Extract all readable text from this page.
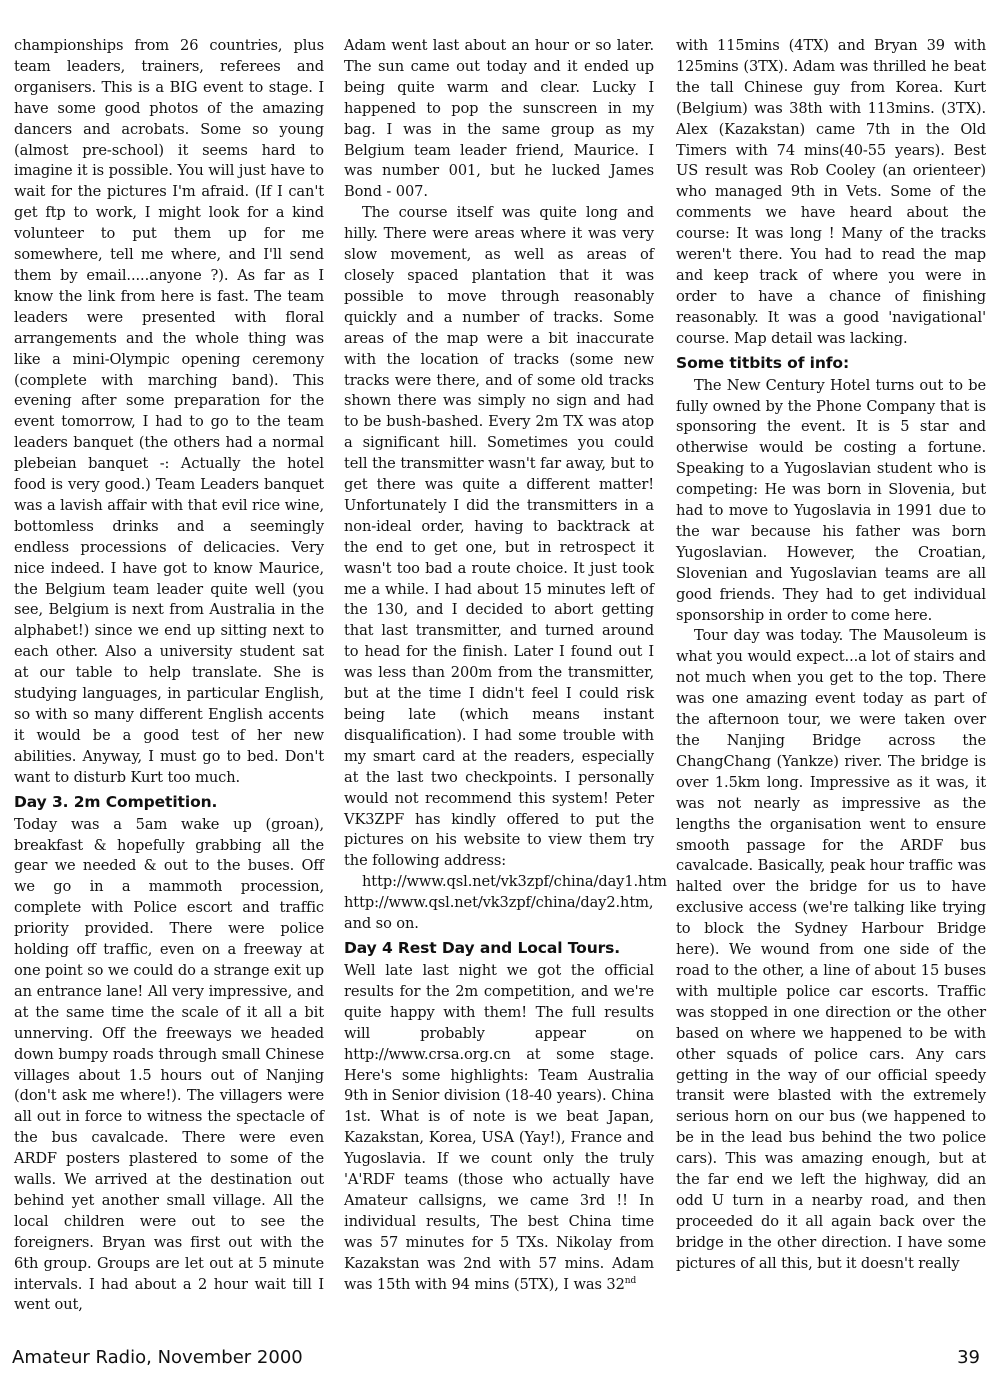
championships from 26 countries, plus team leaders, trainers, referees and organisers. This is a BIG event to stage. I have some good photos of the amazing dancers and acrobats. Some so young (almost pre-school) it seems hard to imagine it is possible. You will just have to wait for the pictures I'm afraid. (If I can't get ftp to work, I might look for a kind volunteer to put them up for me somewhere, tell me where, and I'll send them by email.....anyone ?). As far as I know the link from here is fast. The team leaders were presented with floral arrangements and the whole thing was like a mini-Olympic opening ceremony (complete with marching band). This evening after some preparation for the event tomorrow, I had to go to the team leaders banquet (the others had a normal plebeian banquet -: Actually the hotel food is very good.) Team Leaders banquet was a lavish affair with that evil rice wine, bottomless drinks and a seemingly endless processions of delicacies. Very nice indeed. I have got to know Maurice, the Belgium team leader quite well (you see, Belgium is next from Australia in the alphabet!) since we end up sitting next to each other. Also a university student sat at our table to help translate. She is studying languages, in particular English, so with so many different English accents it would be a good test of her new abilities. Anyway, I must go to bed. Don't want to disturb Kurt too much.

Day 3. 2m Competition.

Today was a 5am wake up (groan), breakfast & hopefully grabbing all the gear we needed & out to the buses. Off we go in a mammoth procession, complete with Police escort and traffic priority provided. There were police holding off traffic, even on a freeway at one point so we could do a strange exit up an entrance lane! All very impressive, and at the same time the scale of it all a bit unnerving. Off the freeways we headed down bumpy roads through small Chinese villages about 1.5 hours out of Nanjing (don't ask me where!). The villagers were all out in force to witness the spectacle of the bus cavalcade. There were even ARDF posters plastered to some of the walls. We arrived at the destination out behind yet another small village. All the local children were out to see the foreigners. Bryan was first out with the 6th group. Groups are let out at 5 minute intervals. I had about a 2 hour wait till I went out,

Adam went last about an hour or so later. The sun came out today and it ended up being quite warm and clear. Lucky I happened to pop the sunscreen in my bag. I was in the same group as my Belgium team leader friend, Maurice. I was number 001, but he lucked James Bond - 007.

The course itself was quite long and hilly. There were areas where it was very slow movement, as well as areas of closely spaced plantation that it was possible to move through reasonably quickly and a number of tracks. Some areas of the map were a bit inaccurate with the location of tracks (some new tracks were there, and of some old tracks shown there was simply no sign and had to be bush-bashed. Every 2m TX was atop a significant hill. Sometimes you could tell the transmitter wasn't far away, but to get there was quite a different matter! Unfortunately I did the transmitters in a non-ideal order, having to backtrack at the end to get one, but in retrospect it wasn't too bad a route choice. It just took me a while. I had about 15 minutes left of the 130, and I decided to abort getting that last transmitter, and turned around to head for the finish. Later I found out I was less than 200m from the transmitter, but at the time I didn't feel I could risk being late (which means instant disqualification). I had some trouble with my smart card at the readers, especially at the last two checkpoints. I personally would not recommend this system! Peter VK3ZPF has kindly offered to put the pictures on his website to view them try the following address:

http://www.qsl.net/vk3zpf/china/day1.htm http://www.qsl.net/vk3zpf/china/day2.htm, and so on.

Day 4 Rest Day and Local Tours.

Well late last night we got the official results for the 2m competition, and we're quite happy with them! The full results will probably appear on http://www.crsa.org.cn at some stage. Here's some highlights: Team Australia 9th in Senior division (18-40 years). China 1st. What is of note is we beat Japan, Kazakstan, Korea, USA (Yay!), France and Yugoslavia. If we count only the truly 'A'RDF teams (those who actually have Amateur callsigns, we came 3rd !! In individual results, The best China time was 57 minutes for 5 TXs. Nikolay from Kazakstan was 2nd with 57 mins. Adam was 15th with 94 mins (5TX), I was 32nd

with 115mins (4TX) and Bryan 39 with 125mins (3TX). Adam was thrilled he beat the tall Chinese guy from Korea. Kurt (Belgium) was 38th with 113mins. (3TX). Alex (Kazakstan) came 7th in the Old Timers with 74 mins(40-55 years). Best US result was Rob Cooley (an orienteer) who managed 9th in Vets. Some of the comments we have heard about the course: It was long ! Many of the tracks weren't there. You had to read the map and keep track of where you were in order to have a chance of finishing reasonably. It was a good 'navigational' course. Map detail was lacking.

Some titbits of info:

The New Century Hotel turns out to be fully owned by the Phone Company that is sponsoring the event. It is 5 star and otherwise would be costing a fortune. Speaking to a Yugoslavian student who is competing: He was born in Slovenia, but had to move to Yugoslavia in 1991 due to the war because his father was born Yugoslavian. However, the Croatian, Slovenian and Yugoslavian teams are all good friends. They had to get individual sponsorship in order to come here.

Tour day was today. The Mausoleum is what you would expect...a lot of stairs and not much when you get to the top. There was one amazing event today as part of the afternoon tour, we were taken over the Nanjing Bridge across the ChangChang (Yankze) river. The bridge is over 1.5km long. Impressive as it was, it was not nearly as impressive as the lengths the organisation went to ensure smooth passage for the ARDF bus cavalcade. Basically, peak hour traffic was halted over the bridge for us to have exclusive access (we're talking like trying to block the Sydney Harbour Bridge here). We wound from one side of the road to the other, a line of about 15 buses with multiple police car escorts. Traffic was stopped in one direction or the other based on where we happened to be with other squads of police cars. Any cars getting in the way of our official speedy transit were blasted with the extremely serious horn on our bus (we happened to be in the lead bus behind the two police cars). This was amazing enough, but at the far end we left the highway, did an odd U turn in a nearby road, and then proceeded do it all again back over the bridge in the other direction. I have some pictures of all this, but it doesn't really

Amateur Radio, November 2000	39
